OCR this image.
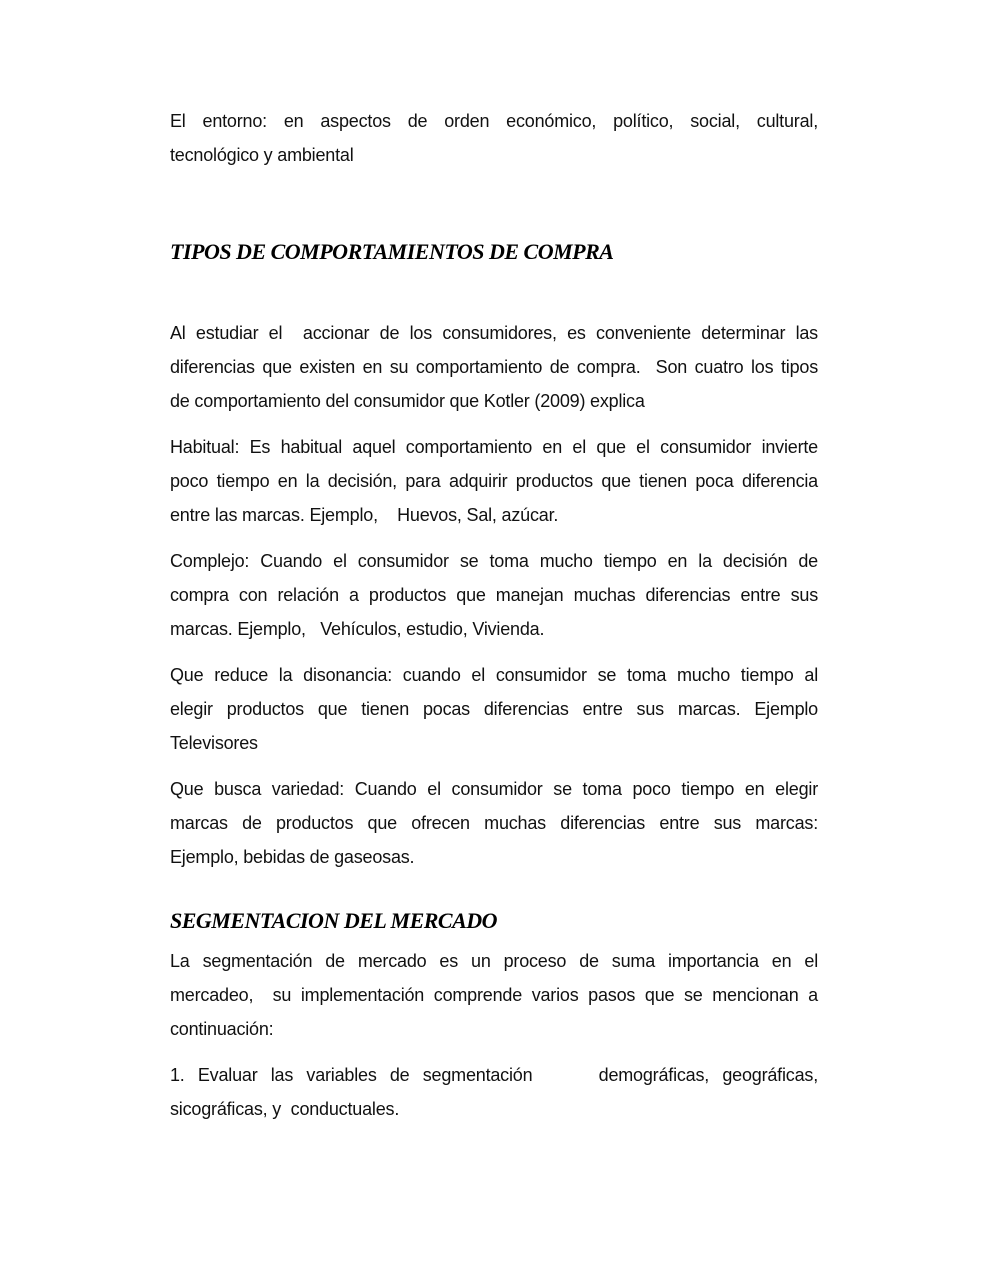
El entorno: en aspectos de orden económico, político, social, cultural,
tecnológico y ambiental
TIPOS DE COMPORTAMIENTOS DE COMPRA
Al estudiar el  accionar de los consumidores, es conveniente determinar las
diferencias que existen en su comportamiento de compra.  Son cuatro los tipos
de comportamiento del consumidor que Kotler (2009) explica
Habitual: Es habitual aquel comportamiento en el que el consumidor invierte
poco tiempo en la decisión, para adquirir productos que tienen poca diferencia
entre las marcas. Ejemplo,    Huevos, Sal, azúcar.
Complejo: Cuando el consumidor se toma mucho tiempo en la decisión de
compra con relación a productos que manejan muchas diferencias entre sus
marcas. Ejemplo,   Vehículos, estudio, Vivienda.
Que reduce la disonancia: cuando el consumidor se toma mucho tiempo al
elegir productos que tienen pocas diferencias entre sus marcas. Ejemplo
Televisores
Que busca variedad: Cuando el consumidor se toma poco tiempo en elegir
marcas de productos que ofrecen muchas diferencias entre sus marcas:
Ejemplo, bebidas de gaseosas.
SEGMENTACION DEL MERCADO
La segmentación de mercado es un proceso de suma importancia en el
mercadeo,  su implementación comprende varios pasos que se mencionan a
continuación:
1. Evaluar las variables de segmentación     demográficas, geográficas,
sicográficas, y  conductuales.
